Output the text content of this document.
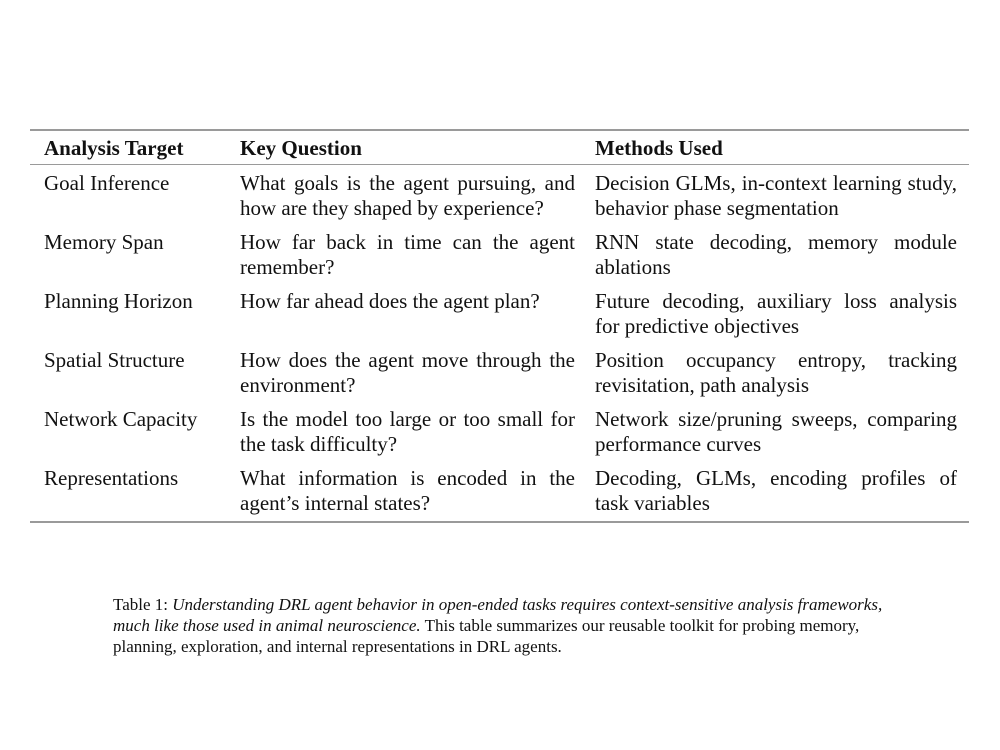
Analysis Target	Key Question	Methods Used
Goal Inference	What goals is the agent pursuing, and how are they shaped by experience?	Decision GLMs, in-context learning study, behavior phase segmentation
Memory Span	How far back in time can the agent remember?	RNN state decoding, memory module ablations
Planning Horizon	How far ahead does the agent plan?	Future decoding, auxiliary loss analysis for predictive objectives
Spatial Structure	How does the agent move through the environment?	Position occupancy entropy, tracking revisitation, path analysis
Network Capacity	Is the model too large or too small for the task difficulty?	Network size/pruning sweeps, comparing performance curves
Representations	What information is encoded in the agent’s internal states?	Decoding, GLMs, encoding profiles of task variables
Table 1: Understanding DRL agent behavior in open-ended tasks requires context-sensitive analysis frameworks, much like those used in animal neuroscience. This table summarizes our reusable toolkit for probing memory, planning, exploration, and internal representations in DRL agents.
